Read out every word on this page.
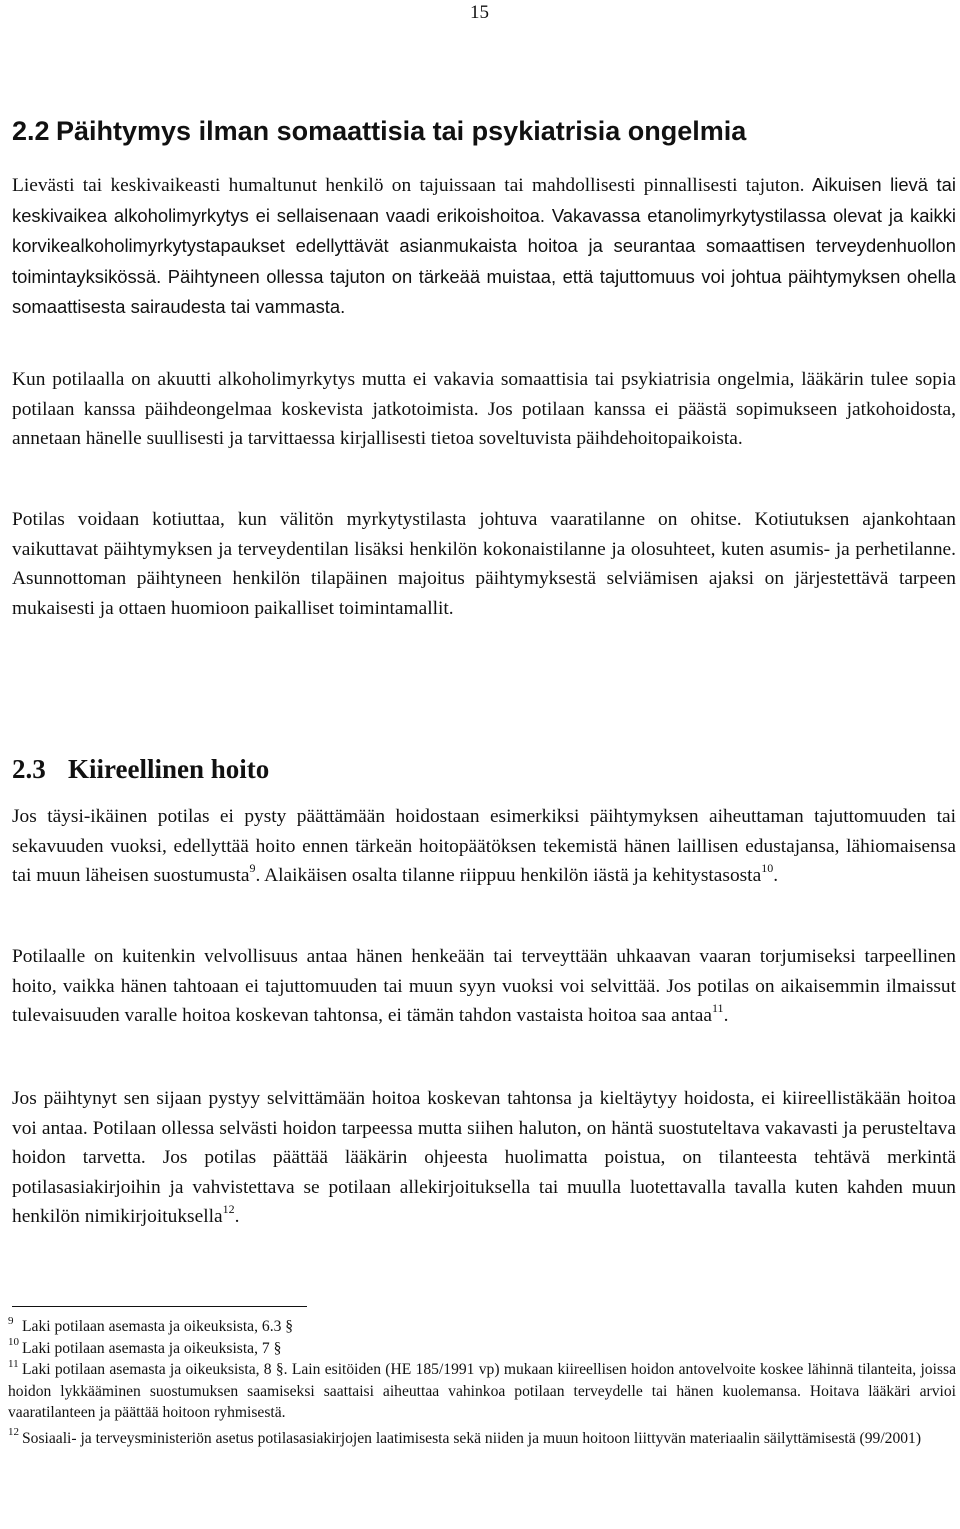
15
2.2 Päihtymys ilman somaattisia tai psykiatrisia ongelmia

Lievästi tai keskivaikeasti humaltunut henkilö on tajuissaan tai mahdollisesti pinnallisesti tajuton. Aikuisen lievä tai keskivaikea alkoholimyrkytys ei sellaisenaan vaadi erikoishoitoa. Vakavassa etanolimyrkytystilassa olevat ja kaikki korvikealkoholimyrkytystapaukset edellyttävät asianmukaista hoitoa ja seurantaa somaattisen terveydenhuollon toimintayksikössä. Päihtyneen ollessa tajuton on tärkeää muistaa, että tajuttomuus voi johtua päihtymyksen ohella somaattisesta sairaudesta tai vammasta.

Kun potilaalla on akuutti alkoholimyrkytys mutta ei vakavia somaattisia tai psykiatrisia ongelmia, lääkärin tulee sopia potilaan kanssa päihdeongelmaa koskevista jatkotoimista. Jos potilaan kanssa ei päästä sopimukseen jatkohoidosta, annetaan hänelle suullisesti ja tarvittaessa kirjallisesti tietoa soveltuvista päihdehoitopaikoista.

Potilas voidaan kotiuttaa, kun välitön myrkytystilasta johtuva vaaratilanne on ohitse. Kotiutuksen ajankohtaan vaikuttavat päihtymyksen ja terveydentilan lisäksi henkilön kokonaistilanne ja olosuhteet, kuten asumis- ja perhetilanne. Asunnottoman päihtyneen henkilön tilapäinen majoitus päihtymyksestä selviämisen ajaksi on järjestettävä tarpeen mukaisesti ja ottaen huomioon paikalliset toimintamallit.

2.3 Kiireellinen hoito

Jos täysi-ikäinen potilas ei pysty päättämään hoidostaan esimerkiksi päihtymyksen aiheuttaman tajuttomuuden tai sekavuuden vuoksi, edellyttää hoito ennen tärkeän hoitopäätöksen tekemistä hänen laillisen edustajansa, lähiomaisensa tai muun läheisen suostumusta$^9$. Alaikäisen osalta tilanne riippuu henkilön iästä ja kehitystasosta$^{10}$.

Potilaalle on kuitenkin velvollisuus antaa hänen henkeään tai terveyttään uhkaavan vaaran torjumiseksi tarpeellinen hoito, vaikka hänen tahtoaan ei tajuttomuuden tai muun syyn vuoksi voi selvittää. Jos potilas on aikaisemmin ilmaissut tulevaisuuden varalle hoitoa koskevan tahtonsa, ei tämän tahdon vastaista hoitoa saa antaa$^{11}$.

Jos päihtynyt sen sijaan pystyy selvittämään hoitoa koskevan tahtonsa ja kieltäytyy hoidosta, ei kiireellistäkään hoitoa voi antaa. Potilaan ollessa selvästi hoidon tarpeessa mutta siihen haluton, on häntä suostuteltava vakavasti ja perusteltava hoidon tarvetta. Jos potilas päättää lääkärin ohjeesta huolimatta poistua, on tilanteesta tehtävä merkintä potilasasiakirjoihin ja vahvistettava se potilaan allekirjoituksella tai muulla luotettavalla tavalla kuten kahden muun henkilön nimikirjoituksella$^{12}$.

$^9$ Laki potilaan asemasta ja oikeuksista, 6.3 §

$^{10}$ Laki potilaan asemasta ja oikeuksista, 7 §

$^{11}$ Laki potilaan asemasta ja oikeuksista, 8 §. Lain esitöiden (HE 185/1991 vp) mukaan kiireellisen hoidon antovelvoite koskee lähinnä tilanteita, joissa hoidon lykkääminen suostumuksen saamiseksi saattaisi aiheuttaa vahinkoa potilaan terveydelle tai hänen kuolemansa. Hoitava lääkäri arvioi vaaratilanteen ja päättää hoitoon ryhmisestä.

$^{12}$ Sosiaali- ja terveysministeriön asetus potilasasiakirjojen laatimisesta sekä niiden ja muun hoitoon liittyvän materiaalin säilyttämisestä (99/2001)
